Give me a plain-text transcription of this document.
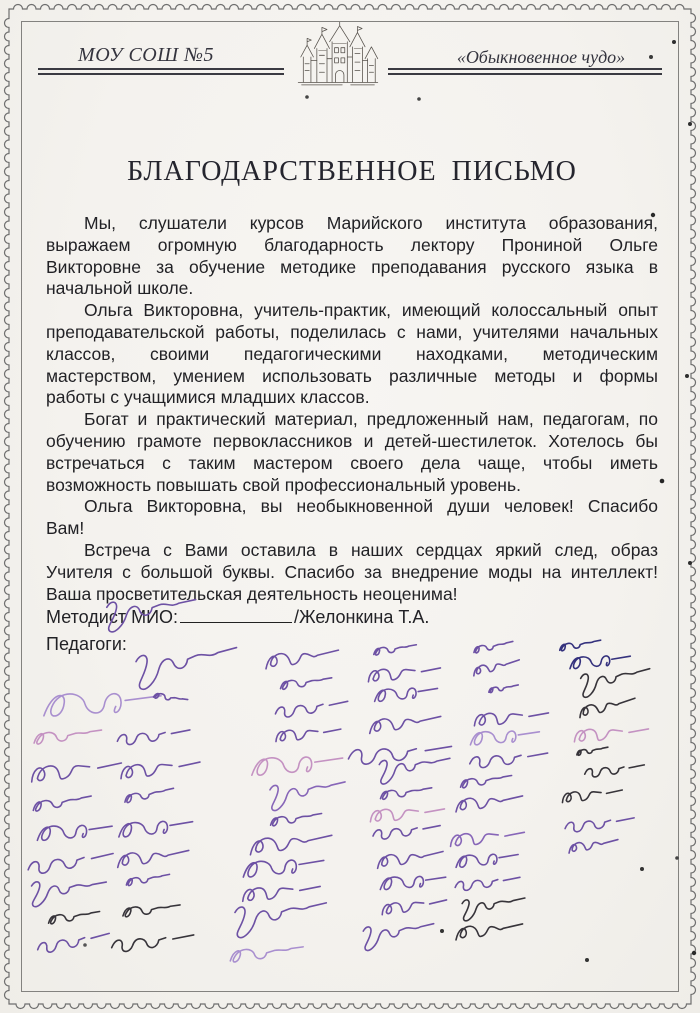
МОУ СОШ №5	«Обыкновенное чудо»
БЛАГОДАРСТВЕННОЕ ПИСЬМО
Мы, слушатели курсов Марийского института образования,
выражаем огромную благодарность лектору Прониной Ольге
Викторовне за обучение методике преподавания русского языка в
начальной школе.
Ольга Викторовна, учитель-практик, имеющий колоссальный опыт
преподавательской работы, поделилась с нами, учителями начальных
классов, своими педагогическими находками, методическим
мастерством, умением использовать различные методы и формы
работы с учащимися младших классов.
Богат и практический материал, предложенный нам, педагогам, по
обучению грамоте первоклассников и детей-шестилеток. Хотелось бы
встречаться с таким мастером своего дела чаще, чтобы иметь
возможность повышать свой профессиональный уровень.
Ольга Викторовна, вы необыкновенной души человек! Спасибо
Вам!
Встреча с Вами оставила в наших сердцах яркий след, образ
Учителя с большой буквы. Спасибо за внедрение моды на интеллект!
Ваша просветительская деятельность неоценима!
Методист МИО:	/Желонкина Т.А.
Педагоги:
